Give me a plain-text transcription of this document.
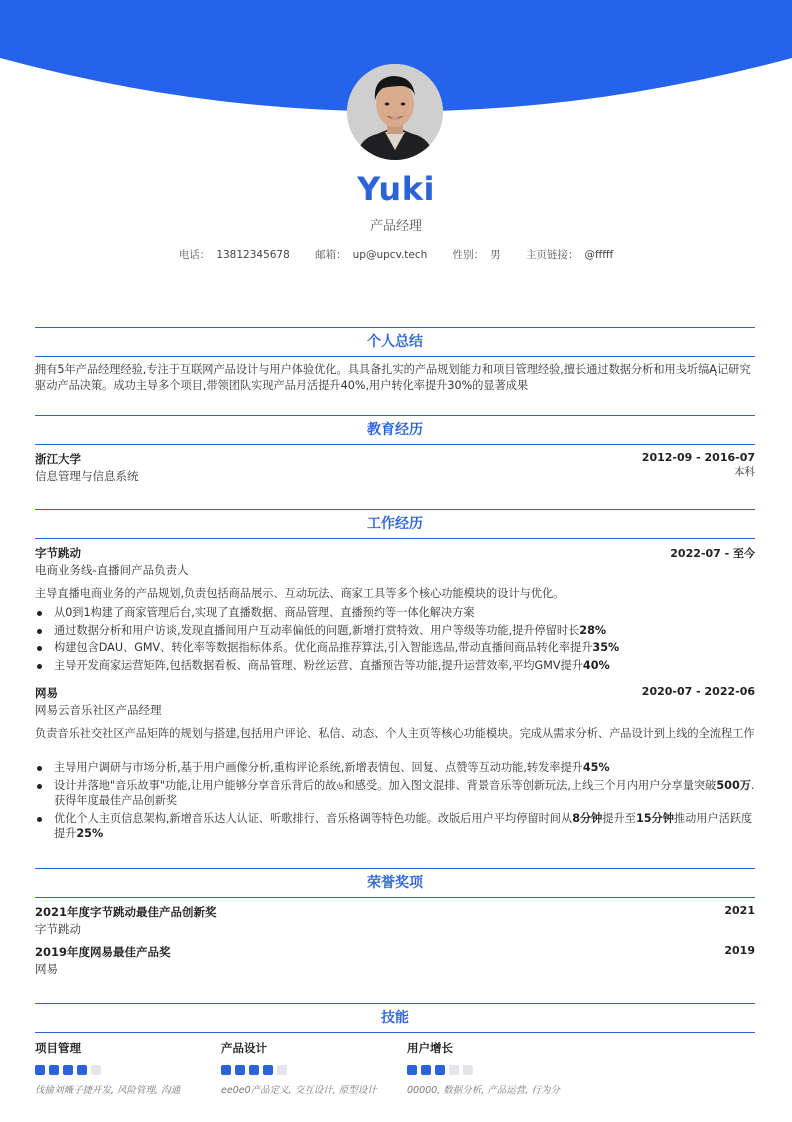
Yuki
产品经理
电话： 13812345678 邮箱： up@upcv.tech 性别： 男 主页链接： @fffff
个人总结
拥有5年产品经理经验,专注于互联网产品设计与用户体验优化。具具备扎实的产品规划能力和项目管理经验,擅长通过数据分析和用戋圻缟Ą记研究驱动产品决策。成功主导多个项目,带领团队实现产品月活提升40%,用户转化率提升30%的显著成果
教育经历
浙江大学	2012-09 - 2016-07
信息管理与信息系统	本科
工作经历
字节跳动	2022-07 - 至今
电商业务线-直播间产品负责人
主导直播电商业务的产品规划,负责包括商品展示、互动玩法、商家工具等多个核心功能模块的设计与优化。
从0到1构建了商家管理后台,实现了直播数据、商品管理、直播预约等一体化解决方案
通过数据分析和用户访谈,发现直播间用户互动率偏低的问题,新增打赏特效、用户等级等功能,提升停留时长28%
构建包含DAU、GMV、转化率等数据指标体系。优化商品推荐算法,引入智能选品,带动直播间商品转化率提升35%
主导开发商家运营矩阵,包括数据看板、商品管理、粉丝运营、直播预告等功能,提升运营效率,平均GMV提升40%
网易	2020-07 - 2022-06
网易云音乐社区产品经理
负责音乐社交社区产品矩阵的规划与搭建,包括用户评论、私信、动态、个人主页等核心功能模块。完成从需求分析、产品设计到上线的全流程工作
主导用户调研与市场分析,基于用户画像分析,重构评论系统,新增表情包、回复、点赞等互动功能,转发率提升45%
设计并落地"音乐故事"功能,让用户能够分享音乐背后的故৬和感受。加入图文混排、背景音乐等创新玩法,上线三个月内用户分享量突破500万.获得年度最佳产品创新奖
优化个人主页信息架构,新增音乐达人认证、听歌排行、音乐格调等特色功能。改版后用户平均停留时间从8分钟提升至15分钟推动用户活跃度提升25%
荣誉奖项
2021年度字节跳动最佳产品创新奖	2021
字节跳动
2019年度网易最佳产品奖	2019
网易
技能
项目管理
伐揄刘熾子捷开发, 风险管理, 沟通
产品设计
ee0e0产品定义, 交互设计, 原型设计
用户增长
00000, 数据分析, 产品运营, 行为分
